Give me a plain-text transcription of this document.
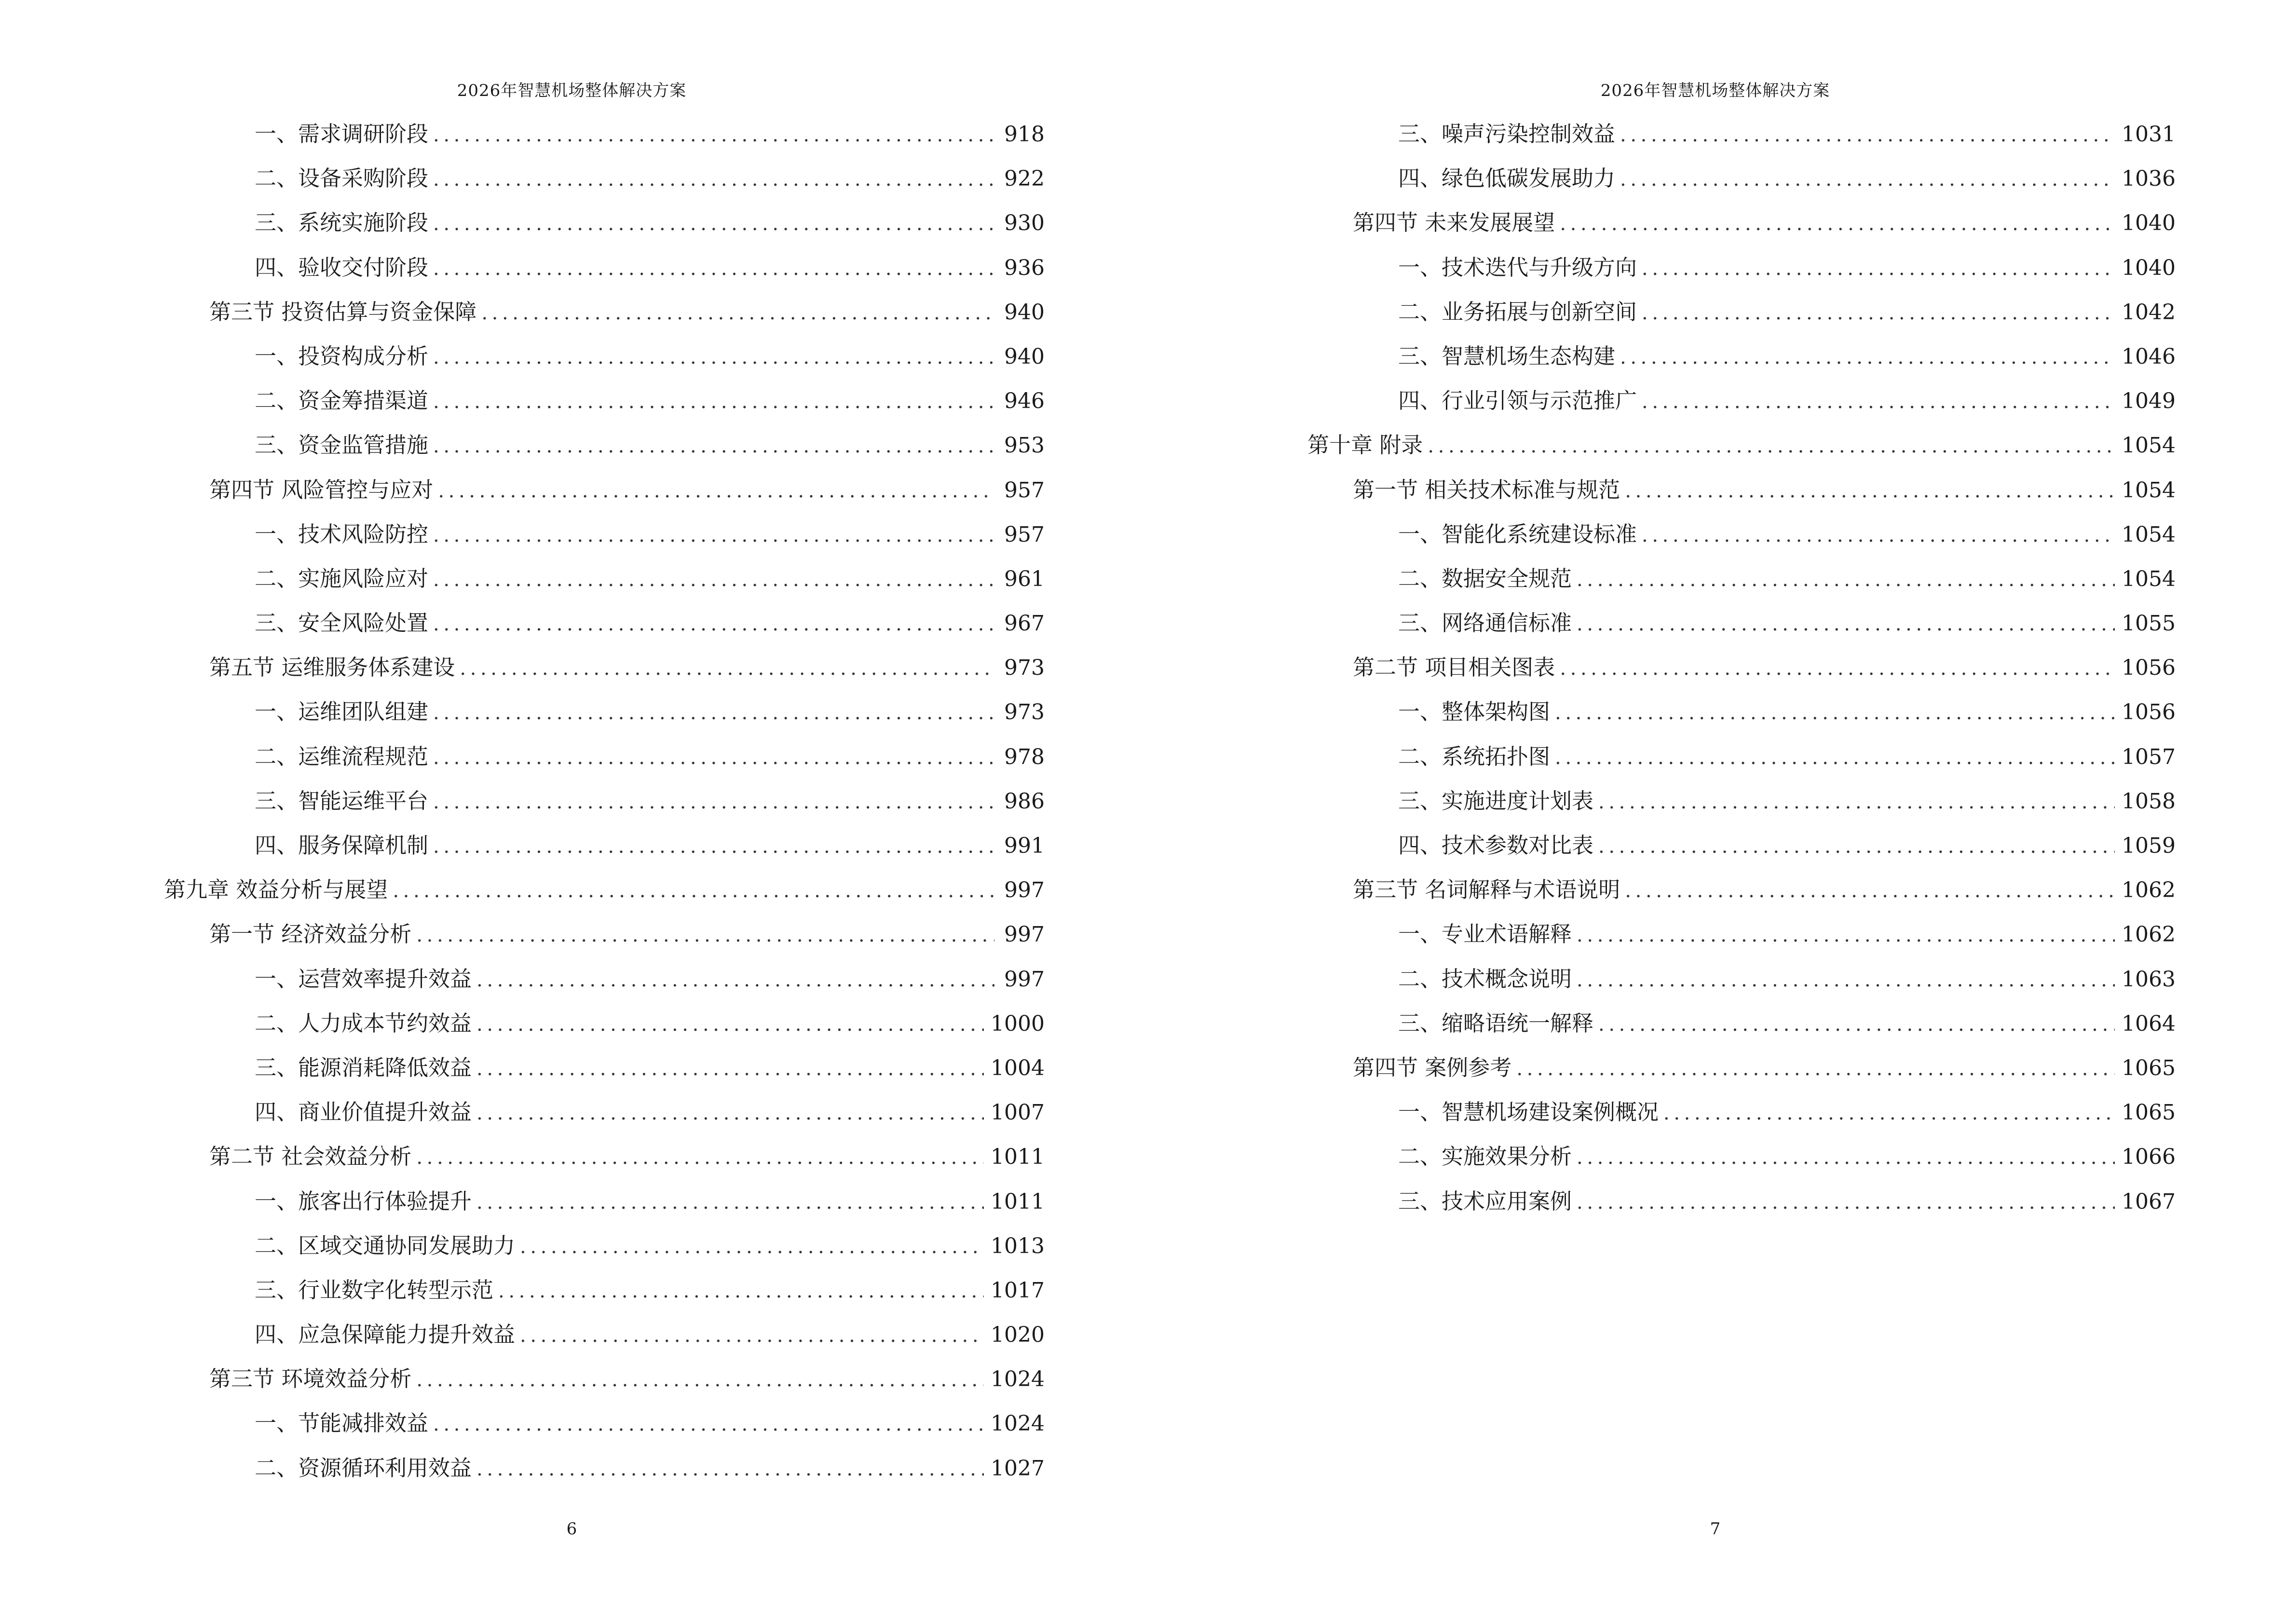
2026年智慧机场整体解决方案
一、需求调研阶段 .....	918
二、设备采购阶段 .....	922
三、系统实施阶段 .....	930
四、验收交付阶段 .....	936
第三节 投资估算与资金保障 .....	940
一、投资构成分析 .....	940
二、资金筹措渠道 .....	946
三、资金监管措施 .....	953
第四节 风险管控与应对 .....	957
一、技术风险防控 .....	957
二、实施风险应对 .....	961
三、安全风险处置 .....	967
第五节 运维服务体系建设 .....	973
一、运维团队组建 .....	973
二、运维流程规范 .....	978
三、智能运维平台 .....	986
四、服务保障机制 .....	991
第九章 效益分析与展望 .....	997
第一节 经济效益分析 .....	997
一、运营效率提升效益 .....	997
二、人力成本节约效益 .....	1000
三、能源消耗降低效益 .....	1004
四、商业价值提升效益 .....	1007
第二节 社会效益分析 .....	1011
一、旅客出行体验提升 .....	1011
二、区域交通协同发展助力 .....	1013
三、行业数字化转型示范 .....	1017
四、应急保障能力提升效益 .....	1020
第三节 环境效益分析 .....	1024
一、节能减排效益 .....	1024
二、资源循环利用效益 .....	1027
6
2026年智慧机场整体解决方案
三、噪声污染控制效益 .....	1031
四、绿色低碳发展助力 .....	1036
第四节 未来发展展望 .....	1040
一、技术迭代与升级方向 .....	1040
二、业务拓展与创新空间 .....	1042
三、智慧机场生态构建 .....	1046
四、行业引领与示范推广 .....	1049
第十章 附录 .....	1054
第一节 相关技术标准与规范 .....	1054
一、智能化系统建设标准 .....	1054
二、数据安全规范 .....	1054
三、网络通信标准 .....	1055
第二节 项目相关图表 .....	1056
一、整体架构图 .....	1056
二、系统拓扑图 .....	1057
三、实施进度计划表 .....	1058
四、技术参数对比表 .....	1059
第三节 名词解释与术语说明 .....	1062
一、专业术语解释 .....	1062
二、技术概念说明 .....	1063
三、缩略语统一解释 .....	1064
第四节 案例参考 .....	1065
一、智慧机场建设案例概况 .....	1065
二、实施效果分析 .....	1066
三、技术应用案例 .....	1067
7
